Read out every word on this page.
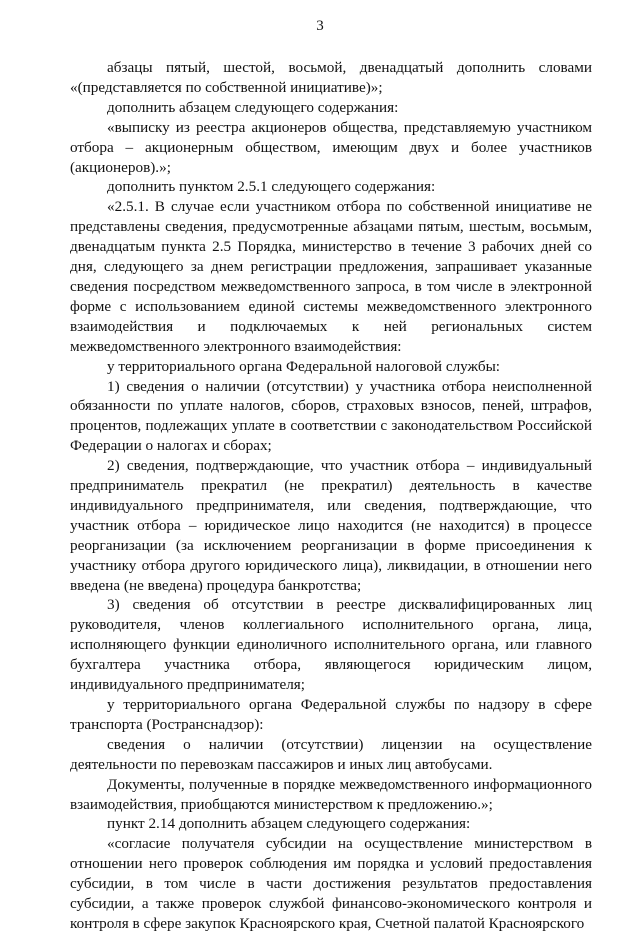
3

абзацы пятый, шестой, восьмой, двенадцатый дополнить словами «(представляется по собственной инициативе)»;

дополнить абзацем следующего содержания:

«выписку из реестра акционеров общества, представляемую участником отбора – акционерным обществом, имеющим двух и более участников (акционеров).»;

дополнить пунктом 2.5.1 следующего содержания:

«2.5.1. В случае если участником отбора по собственной инициативе не представлены сведения, предусмотренные абзацами пятым, шестым, восьмым, двенадцатым пункта 2.5 Порядка, министерство в течение 3 рабочих дней со дня, следующего за днем регистрации предложения, запрашивает указанные сведения посредством межведомственного запроса, в том числе в электронной форме с использованием единой системы межведомственного электронного взаимодействия и подключаемых к ней региональных систем межведомственного электронного взаимодействия:

у территориального органа Федеральной налоговой службы:

1) сведения о наличии (отсутствии) у участника отбора неисполненной обязанности по уплате налогов, сборов, страховых взносов, пеней, штрафов, процентов, подлежащих уплате в соответствии с законодательством Российской Федерации о налогах и сборах;

2) сведения, подтверждающие, что участник отбора – индивидуальный предприниматель прекратил (не прекратил) деятельность в качестве индивидуального предпринимателя, или сведения, подтверждающие, что участник отбора – юридическое лицо находится (не находится) в процессе реорганизации (за исключением реорганизации в форме присоединения к участнику отбора другого юридического лица), ликвидации, в отношении него введена (не введена) процедура банкротства;

3) сведения об отсутствии в реестре дисквалифицированных лиц руководителя, членов коллегиального исполнительного органа, лица, исполняющего функции единоличного исполнительного органа, или главного бухгалтера участника отбора, являющегося юридическим лицом, индивидуального предпринимателя;

у территориального органа Федеральной службы по надзору в сфере транспорта (Ространснадзор):

сведения о наличии (отсутствии) лицензии на осуществление деятельности по перевозкам пассажиров и иных лиц автобусами.

Документы, полученные в порядке межведомственного информационного взаимодействия, приобщаются министерством к предложению.»;

пункт 2.14 дополнить абзацем следующего содержания:

«согласие получателя субсидии на осуществление министерством в отношении него проверок соблюдения им порядка и условий предоставления субсидии, в том числе в части достижения результатов предоставления субсидии, а также проверок службой финансово-экономического контроля и контроля в сфере закупок Красноярского края, Счетной палатой Красноярского
